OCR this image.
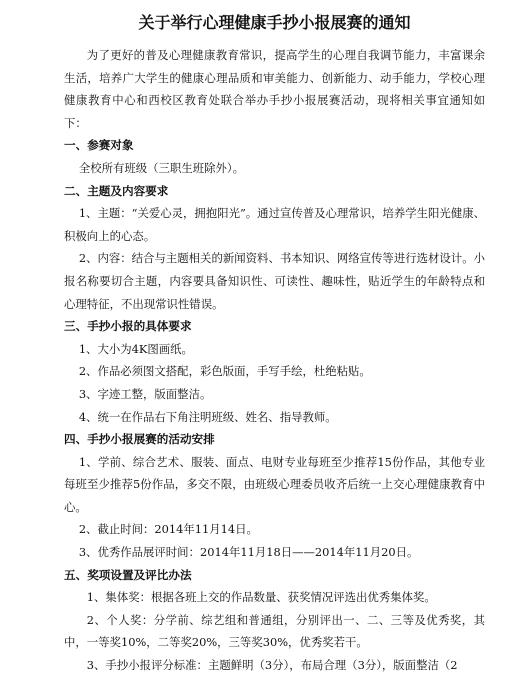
关于举行心理健康手抄小报展赛的通知

为了更好的普及心理健康教育常识，提高学生的心理自我调节能力，丰富课余生活，培养广大学生的健康心理品质和审美能力、创新能力、动手能力，学校心理健康教育中心和西校区教育处联合举办手抄小报展赛活动，现将相关事宜通知如下：

一、参赛对象

全校所有班级（三职生班除外）。

二、主题及内容要求

1、主题：“关爱心灵，拥抱阳光”。通过宣传普及心理常识，培养学生阳光健康、积极向上的心态。

2、内容：结合与主题相关的新闻资料、书本知识、网络宣传等进行选材设计。小报名称要切合主题，内容要具备知识性、可读性、趣味性，贴近学生的年龄特点和心理特征，不出现常识性错误。

三、手抄小报的具体要求

1、大小为4K图画纸。

2、作品必须图文搭配，彩色版面，手写手绘，杜绝粘贴。

3、字迹工整，版面整洁。

4、统一在作品右下角注明班级、姓名、指导教师。

四、手抄小报展赛的活动安排

1、学前、综合艺术、服装、面点、电财专业每班至少推荐15份作品，其他专业每班至少推荐5份作品，多交不限，由班级心理委员收齐后统一上交心理健康教育中心。

2、截止时间：2014年11月14日。

3、优秀作品展评时间：2014年11月18日——2014年11月20日。

五、奖项设置及评比办法

1、集体奖：根据各班上交的作品数量、获奖情况评选出优秀集体奖。

2、个人奖：分学前、综艺组和普通组，分别评出一、二、三等及优秀奖，其中，一等奖10%，二等奖20%，三等奖30%，优秀奖若干。

3、手抄小报评分标准：主题鲜明（3分），布局合理（3分），版面整洁（2
